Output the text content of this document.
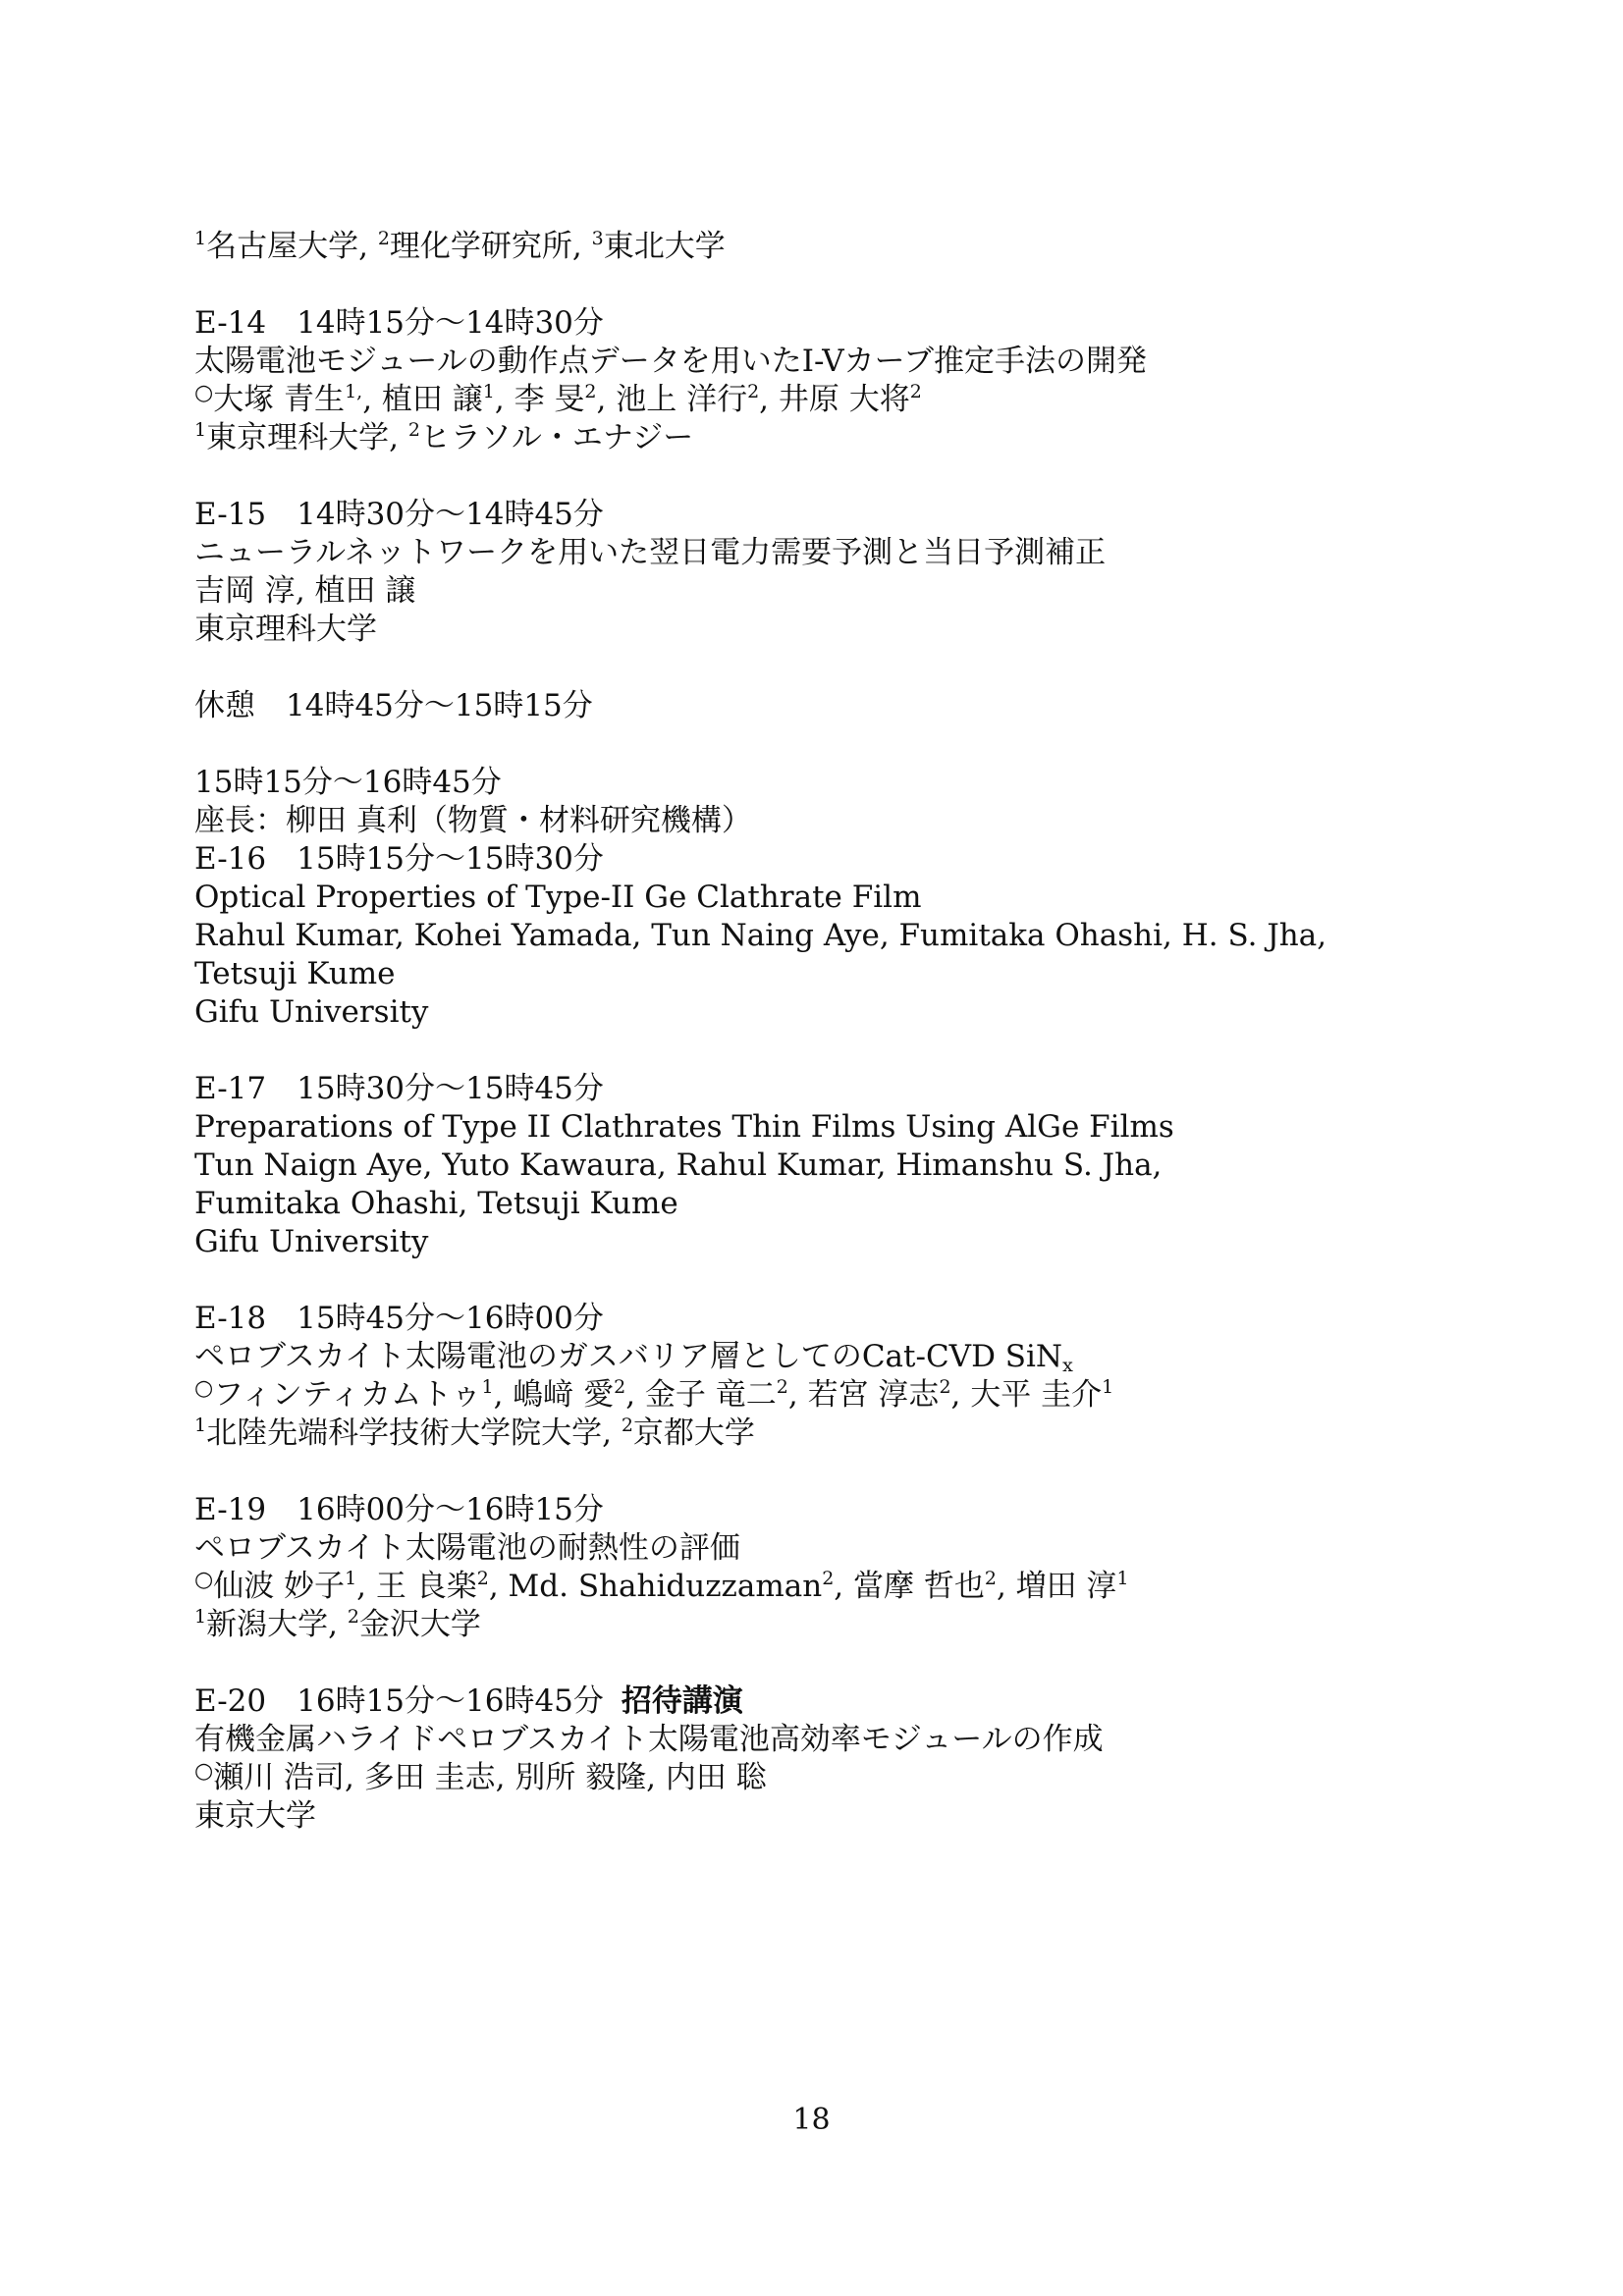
$^1$名古屋大学, $^2$理化学研究所, $^3$東北大学
E-14　14時15分～14時30分
太陽電池モジュールの動作点データを用いたI-Vカーブ推定手法の開発
○大塚 青生$^{1,}$, 植田 譲$^1$, 李 旻$^2$, 池上 洋行$^2$, 井原 大将$^2$
$^1$東京理科大学, $^2$ヒラソル・エナジー
E-15　14時30分～14時45分
ニューラルネットワークを用いた翌日電力需要予測と当日予測補正
吉岡 淳, 植田 譲
東京理科大学
休憩　14時45分～15時15分
15時15分～16時45分
座長：柳田 真利（物質・材料研究機構）
E-16　15時15分～15時30分
Optical Properties of Type-II Ge Clathrate Film
Rahul Kumar, Kohei Yamada, Tun Naing Aye, Fumitaka Ohashi, H. S. Jha,
Tetsuji Kume
Gifu University
E-17　15時30分～15時45分
Preparations of Type II Clathrates Thin Films Using AlGe Films
Tun Naign Aye, Yuto Kawaura, Rahul Kumar, Himanshu S. Jha,
Fumitaka Ohashi, Tetsuji Kume
Gifu University
E-18　15時45分～16時00分
ペロブスカイト太陽電池のガスバリア層としてのCat-CVD SiN$_x$
○フィンティカムトゥ$^1$, 嶋﨑 愛$^2$, 金子 竜二$^2$, 若宮 淳志$^2$, 大平 圭介$^1$
$^1$北陸先端科学技術大学院大学, $^2$京都大学
E-19　16時00分～16時15分
ペロブスカイト太陽電池の耐熱性の評価
○仙波 妙子$^1$, 王 良楽$^2$, Md. Shahiduzzaman$^2$, 當摩 哲也$^2$, 増田 淳$^1$
$^1$新潟大学, $^2$金沢大学
E-20　16時15分～16時45分 招待講演
有機金属ハライドペロブスカイト太陽電池高効率モジュールの作成
○瀬川 浩司, 多田 圭志, 別所 毅隆, 内田 聡
東京大学
18
